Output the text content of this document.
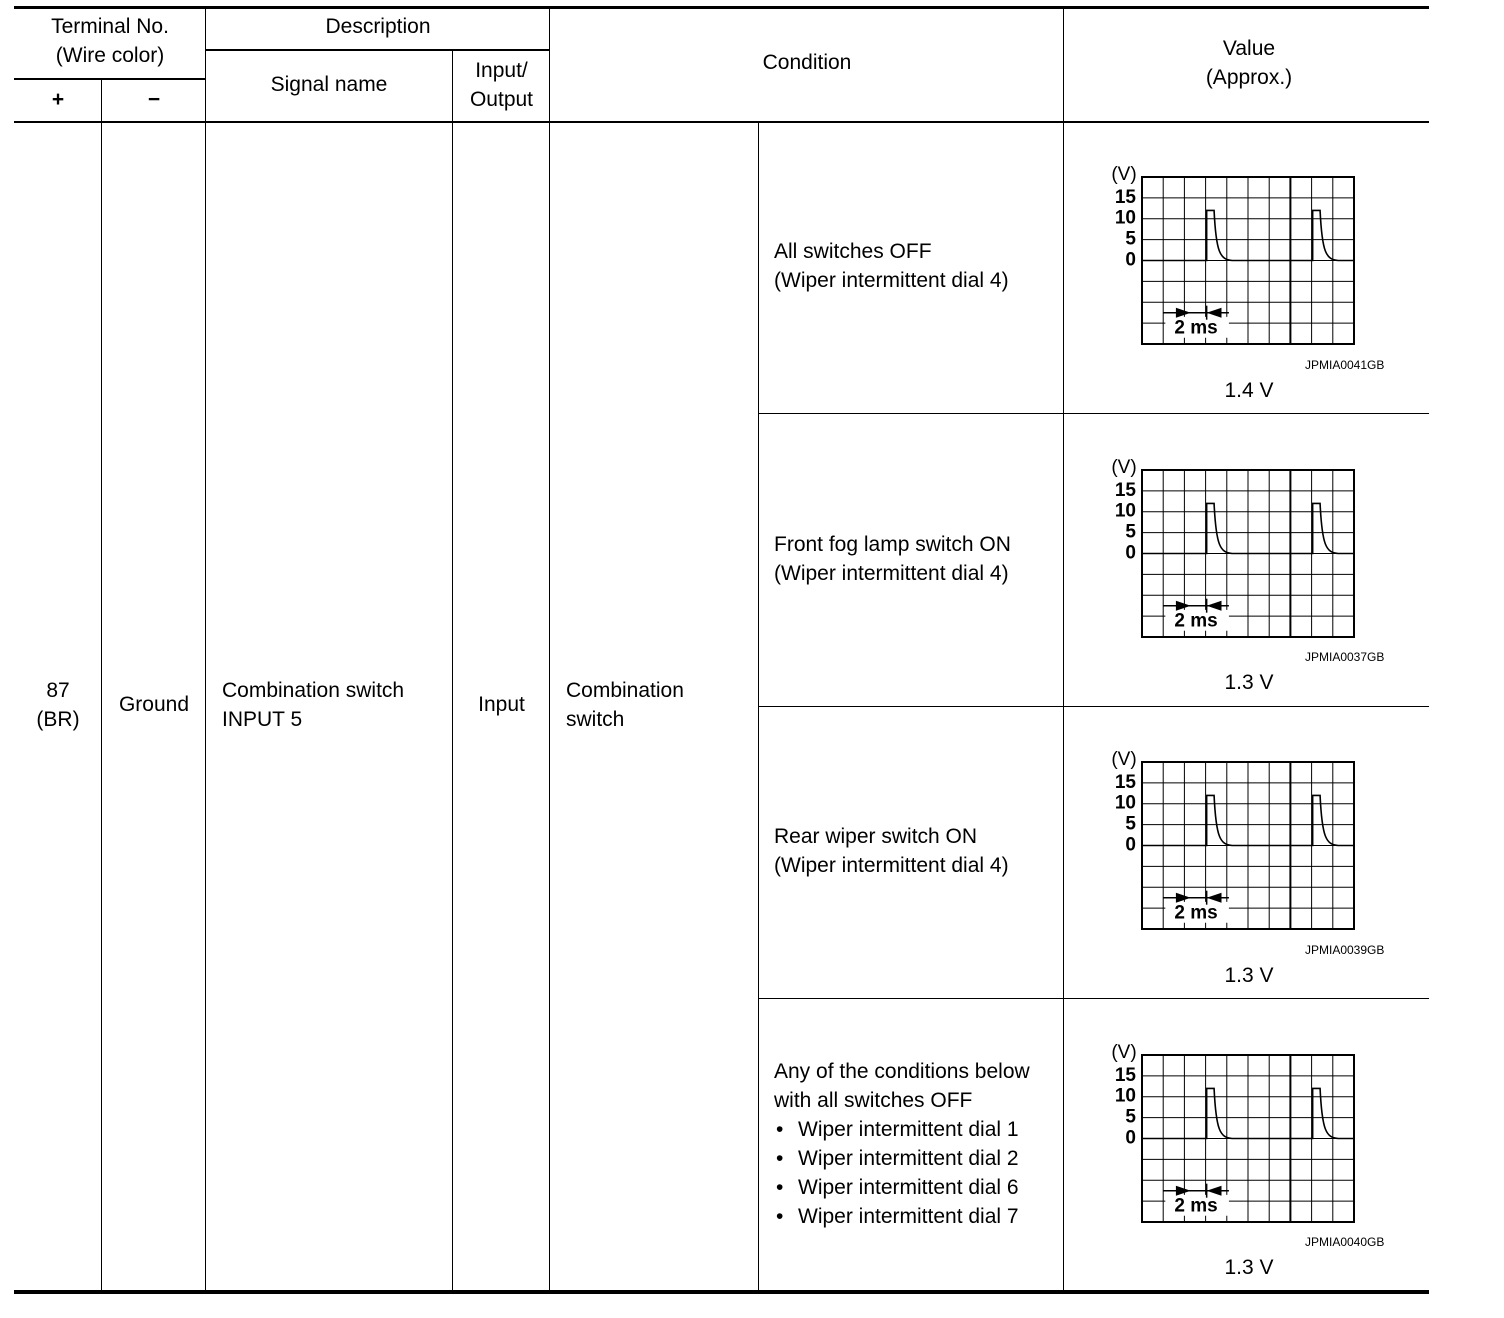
Terminal No.
(Wire color)
+	−
Description
Signal name
Input/
Output
Condition
Value
(Approx.)
87
(BR)
Ground
Combination switch
INPUT 5
Input
Combination
switch
All switches OFF
(Wiper intermittent dial 4)
Front fog lamp switch ON
(Wiper intermittent dial 4)
Rear wiper switch ON
(Wiper intermittent dial 4)
Any of the conditions below
with all switches OFF
• Wiper intermittent dial 1
• Wiper intermittent dial 2
• Wiper intermittent dial 6
• Wiper intermittent dial 7
(V)
15
10
5
0
2 ms
(V)
15
10
5
0
2 ms
(V)
15
10
5
0
2 ms
(V)
15
10
5
0
2 ms
JPMIA0041GB
JPMIA0037GB
JPMIA0039GB
JPMIA0040GB
1.4 V
1.3 V
1.3 V
1.3 V
